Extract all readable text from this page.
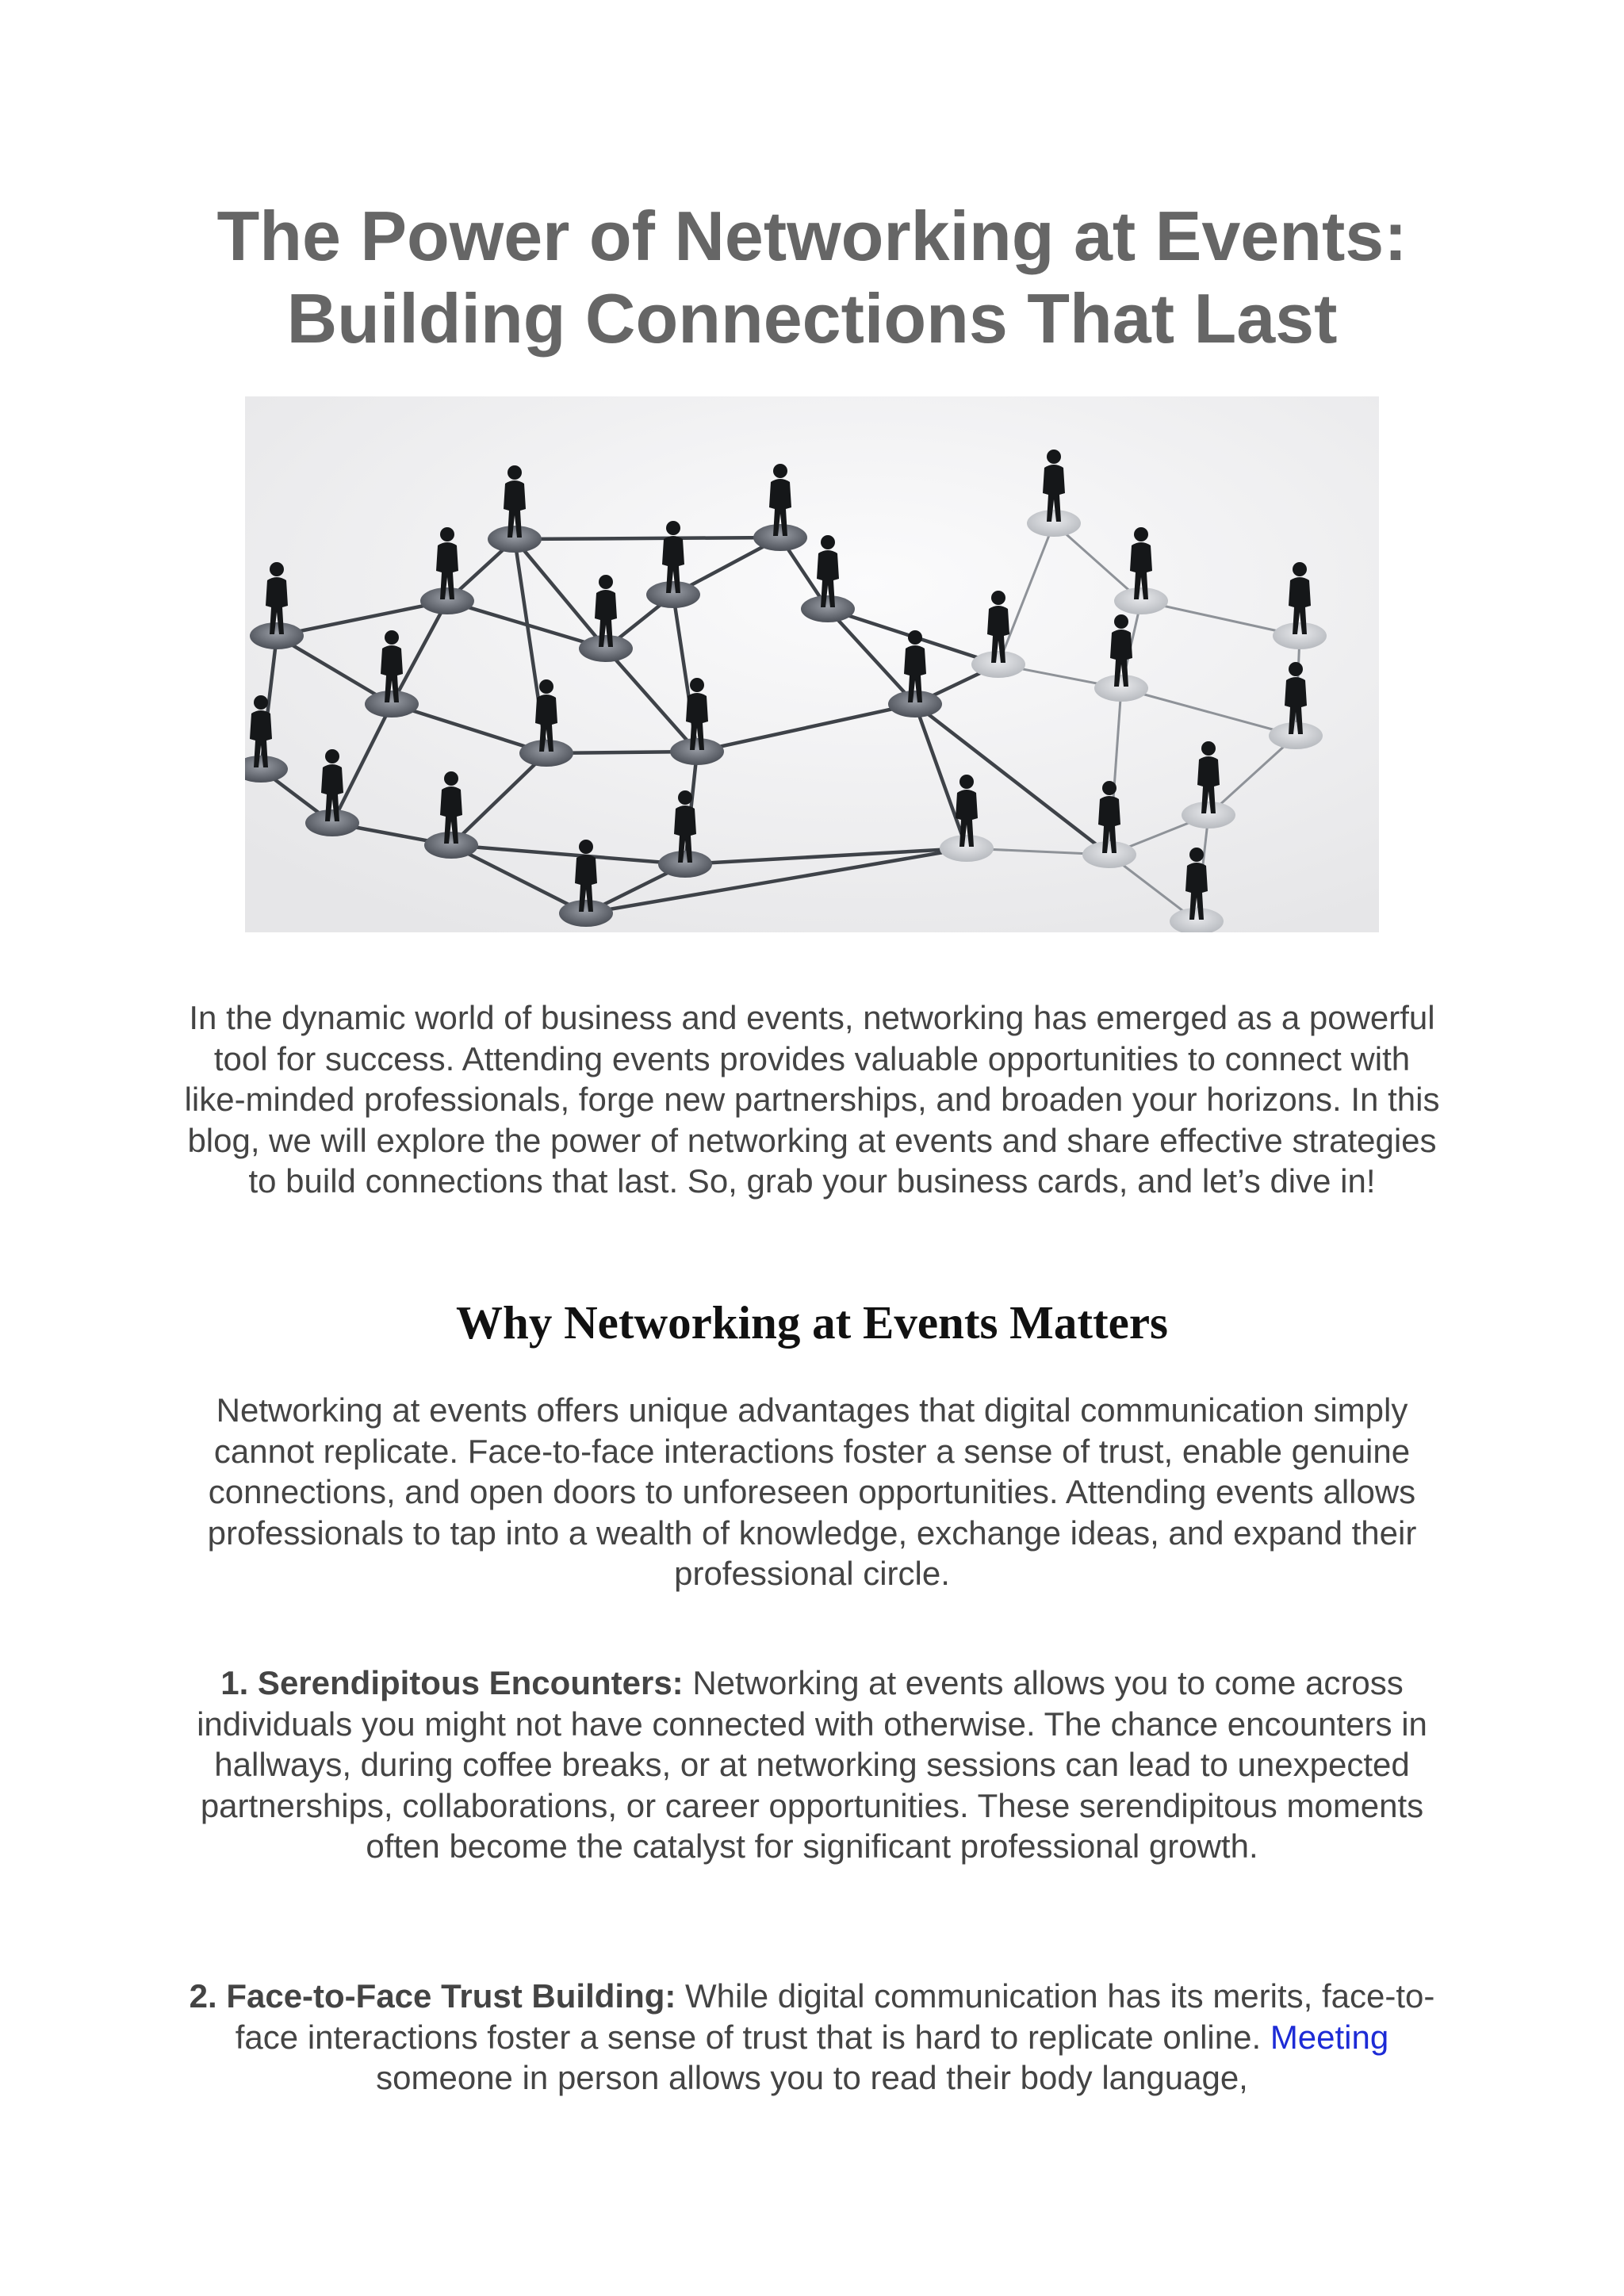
The Power of Networking at Events:
Building Connections That Last

In the dynamic world of business and events, networking has emerged as a powerful tool for success. Attending events provides valuable opportunities to connect with like-minded professionals, forge new partnerships, and broaden your horizons. In this blog, we will explore the power of networking at events and share effective strategies to build connections that last. So, grab your business cards, and let’s dive in!

Why Networking at Events Matters

Networking at events offers unique advantages that digital communication simply cannot replicate. Face-to-face interactions foster a sense of trust, enable genuine connections, and open doors to unforeseen opportunities. Attending events allows professionals to tap into a wealth of knowledge, exchange ideas, and expand their professional circle.

1. Serendipitous Encounters: Networking at events allows you to come across individuals you might not have connected with otherwise. The chance encounters in hallways, during coffee breaks, or at networking sessions can lead to unexpected partnerships, collaborations, or career opportunities. These serendipitous moments often become the catalyst for significant professional growth.

2. Face-to-Face Trust Building: While digital communication has its merits, face-to-face interactions foster a sense of trust that is hard to replicate online. Meeting someone in person allows you to read their body language,
